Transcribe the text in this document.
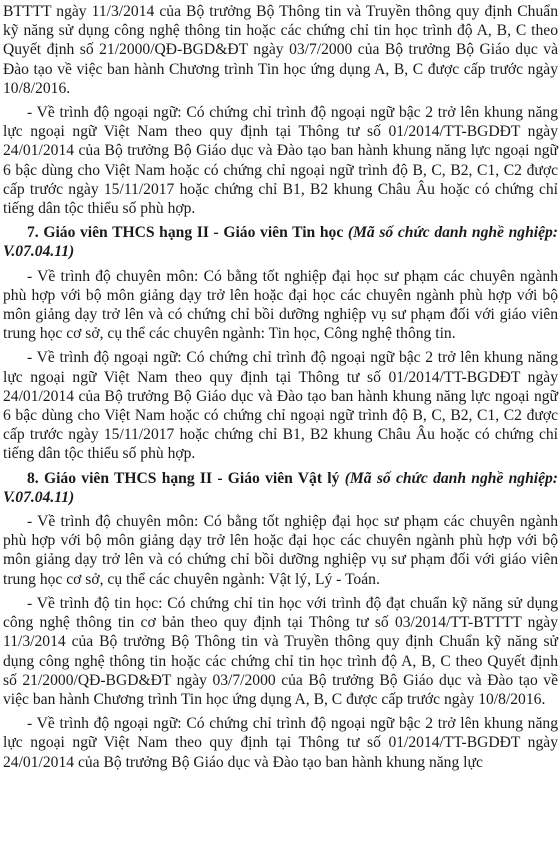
BTTTT ngày 11/3/2014 của Bộ trưởng Bộ Thông tin và Truyền thông quy định Chuẩn kỹ năng sử dụng công nghệ thông tin hoặc các chứng chỉ tin học trình độ A, B, C theo Quyết định số 21/2000/QĐ-BGD&ĐT ngày 03/7/2000 của Bộ trưởng Bộ Giáo dục và Đào tạo về việc ban hành Chương trình Tin học ứng dụng A, B, C được cấp trước ngày 10/8/2016.

- Về trình độ ngoại ngữ: Có chứng chỉ trình độ ngoại ngữ bậc 2 trở lên khung năng lực ngoại ngữ Việt Nam theo quy định tại Thông tư số 01/2014/TT-BGDĐT ngày 24/01/2014 của Bộ trưởng Bộ Giáo dục và Đào tạo ban hành khung năng lực ngoại ngữ 6 bậc dùng cho Việt Nam hoặc có chứng chỉ ngoại ngữ trình độ B, C, B2, C1, C2 được cấp trước ngày 15/11/2017 hoặc chứng chỉ B1, B2 khung Châu Âu hoặc có chứng chỉ tiếng dân tộc thiểu số phù hợp.

7. Giáo viên THCS hạng II - Giáo viên Tin học (Mã số chức danh nghề nghiệp: V.07.04.11)

- Về trình độ chuyên môn: Có bằng tốt nghiệp đại học sư phạm các chuyên ngành phù hợp với bộ môn giảng dạy trở lên hoặc đại học các chuyên ngành phù hợp với bộ môn giảng dạy trở lên và có chứng chỉ bồi dưỡng nghiệp vụ sư phạm đối với giáo viên trung học cơ sở, cụ thể các chuyên ngành: Tin học, Công nghệ thông tin.

- Về trình độ ngoại ngữ: Có chứng chỉ trình độ ngoại ngữ bậc 2 trở lên khung năng lực ngoại ngữ Việt Nam theo quy định tại Thông tư số 01/2014/TT-BGDĐT ngày 24/01/2014 của Bộ trưởng Bộ Giáo dục và Đào tạo ban hành khung năng lực ngoại ngữ 6 bậc dùng cho Việt Nam hoặc có chứng chỉ ngoại ngữ trình độ B, C, B2, C1, C2 được cấp trước ngày 15/11/2017 hoặc chứng chỉ B1, B2 khung Châu Âu hoặc có chứng chỉ tiếng dân tộc thiểu số phù hợp.

8. Giáo viên THCS hạng II - Giáo viên Vật lý (Mã số chức danh nghề nghiệp: V.07.04.11)

- Về trình độ chuyên môn: Có bằng tốt nghiệp đại học sư phạm các chuyên ngành phù hợp với bộ môn giảng dạy trở lên hoặc đại học các chuyên ngành phù hợp với bộ môn giảng dạy trở lên và có chứng chỉ bồi dưỡng nghiệp vụ sư phạm đối với giáo viên trung học cơ sở, cụ thể các chuyên ngành: Vật lý, Lý - Toán.

- Về trình độ tin học: Có chứng chỉ tin học với trình độ đạt chuẩn kỹ năng sử dụng công nghệ thông tin cơ bản theo quy định tại Thông tư số 03/2014/TT-BTTTT ngày 11/3/2014 của Bộ trưởng Bộ Thông tin và Truyền thông quy định Chuẩn kỹ năng sử dụng công nghệ thông tin hoặc các chứng chỉ tin học trình độ A, B, C theo Quyết định số 21/2000/QĐ-BGD&ĐT ngày 03/7/2000 của Bộ trưởng Bộ Giáo dục và Đào tạo về việc ban hành Chương trình Tin học ứng dụng A, B, C được cấp trước ngày 10/8/2016.

- Về trình độ ngoại ngữ: Có chứng chỉ trình độ ngoại ngữ bậc 2 trở lên khung năng lực ngoại ngữ Việt Nam theo quy định tại Thông tư số 01/2014/TT-BGDĐT ngày 24/01/2014 của Bộ trưởng Bộ Giáo dục và Đào tạo ban hành khung năng lực
